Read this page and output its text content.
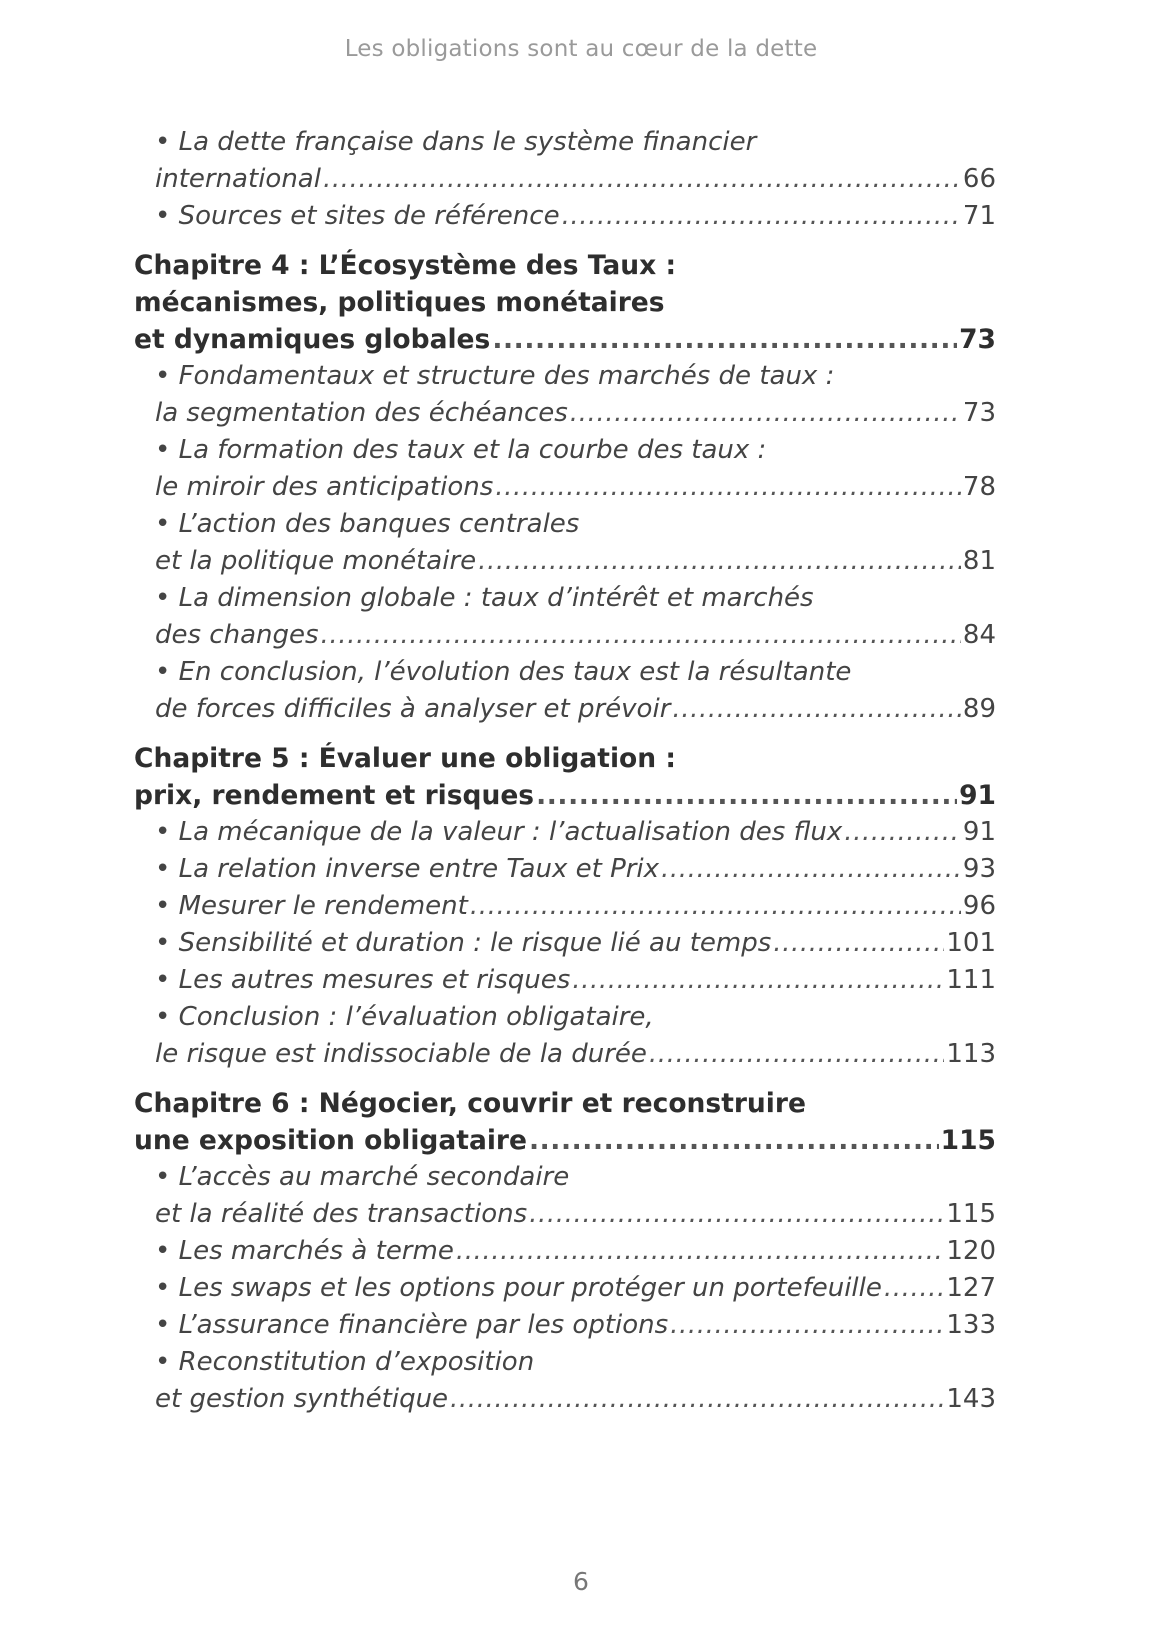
Les obligations sont au cœur de la dette
• La dette française dans le système financier
international .....	66
• Sources et sites de référence .....	71
Chapitre 4 : L’Écosystème des Taux :
mécanismes, politiques monétaires
et dynamiques globales .....	73
• Fondamentaux et structure des marchés de taux :
la segmentation des échéances .....	73
• La formation des taux et la courbe des taux :
le miroir des anticipations .....	78
• L’action des banques centrales
et la politique monétaire .....	81
• La dimension globale : taux d’intérêt et marchés
des changes .....	84
• En conclusion, l’évolution des taux est la résultante
de forces difficiles à analyser et prévoir .....	89
Chapitre 5 : Évaluer une obligation :
prix, rendement et risques .....	91
• La mécanique de la valeur : l’actualisation des flux .....	91
• La relation inverse entre Taux et Prix .....	93
• Mesurer le rendement .....	96
• Sensibilité et duration : le risque lié au temps .....	101
• Les autres mesures et risques .....	111
• Conclusion : l’évaluation obligataire,
le risque est indissociable de la durée .....	113
Chapitre 6 : Négocier, couvrir et reconstruire
une exposition obligataire .....	115
• L’accès au marché secondaire
et la réalité des transactions .....	115
• Les marchés à terme .....	120
• Les swaps et les options pour protéger un portefeuille ..... 127
• L’assurance financière par les options .....	133
• Reconstitution d’exposition
et gestion synthétique .....	143
6
